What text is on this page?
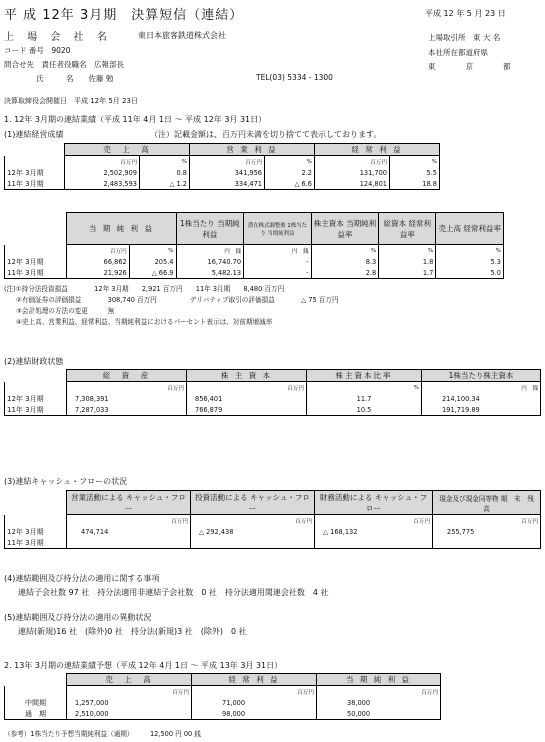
平 成 12年 3月期　決算短信（連結）	平成 12 年 5 月 23 日
上 場 会 社 名	東日本旅客鉄道株式会社	上場取引所　東 大 名
コード 番号　9020	本社所在都道府県
問合せ先　責任者役職名　広報部長	東　　　　京　　　　都
氏　　　名　　佐藤 勉	TEL(03) 5334 - 1300
決算取締役会開催日　平成 12年 5月 23日
1. 12年 3月期の連結業績（平成 11年 4月 1日 ～ 平成 12年 3月 31日）
(1)連結経営成績	（注）記載金額は、百万円未満を切り捨てて表示しております。
	売　上　高		営 業 利 益		経 常 利 益	
	百万円	%	百万円	%	百万円	%
12年 3月期	2,502,909	0.8	341,956	2.2	131,700	5.5
11年 3月期	2,483,593	△ 1.2	334,471	△ 6.6	124,801	18.8
	当 期 純 利 益		1株当たり 当期純利益	潜在株式調整後 1株当たり 当期純利益	株主資本 当期純利益率	総資本 経常利益率	売上高 経常利益率
	百万円	%	円　銭	円　銭	%	%	%
12年 3月期	66,862	205.4	16,740.70	-	8.3	1.8	5.3
11年 3月期	21,926	△ 66.9	5,482.13	-	2.8	1.7	5.0
(注)①持分法投資損益　　　　12年 3月期　　2,921 百万円　　11年 3月期　　8,480 百万円
②有価証券の評価損益　　　　308,740 百万円　　　　　デリバティブ取引の評価損益　　　　△ 75 百万円
③会計処理の方法の変更　　　無
④売上高、営業利益、経常利益、当期純利益におけるパーセント表示は、対前期増減率
(2)連結財政状態
	総　資　産	株 主 資 本	株主資本比率	1株当たり株主資本
	百万円	百万円	%	円　銭
12年 3月期	7,308,391	856,401	11.7	214,100.34
11年 3月期	7,287,033	766,879	10.5	191,719.89
(3)連結キャッシュ・フローの状況
	営業活動による キャッシュ・フロー	投資活動による キャッシュ・フロー	財務活動による キャッシュ・フロー	現金及び現金同等物 期　末　残　高
	百万円	百万円	百万円	百万円
12年 3月期	474,714	△ 292,438	△ 168,132	255,775
11年 3月期				
(4)連結範囲及び持分法の適用に関する事項
連結子会社数 97 社　持分法適用非連結子会社数　0 社　持分法適用関連会社数　4 社
(5)連結範囲及び持分法の適用の異動状況
連結(新規)16 社　(除外)0 社　持分法(新規)3 社　(除外)　0 社
2. 13年 3月期の連結業績予想（平成 12年 4月 1日 ～ 平成 13年 3月 31日）
	売　上　高	経 常 利 益	当 期 純 利 益
	百万円	百万円	百万円
中間期	1,257,000	71,000	38,000
通　期	2,510,000	98,000	50,000
（参考）1株当たり予想当期純利益（通期）　　　12,500 円 00 銭
